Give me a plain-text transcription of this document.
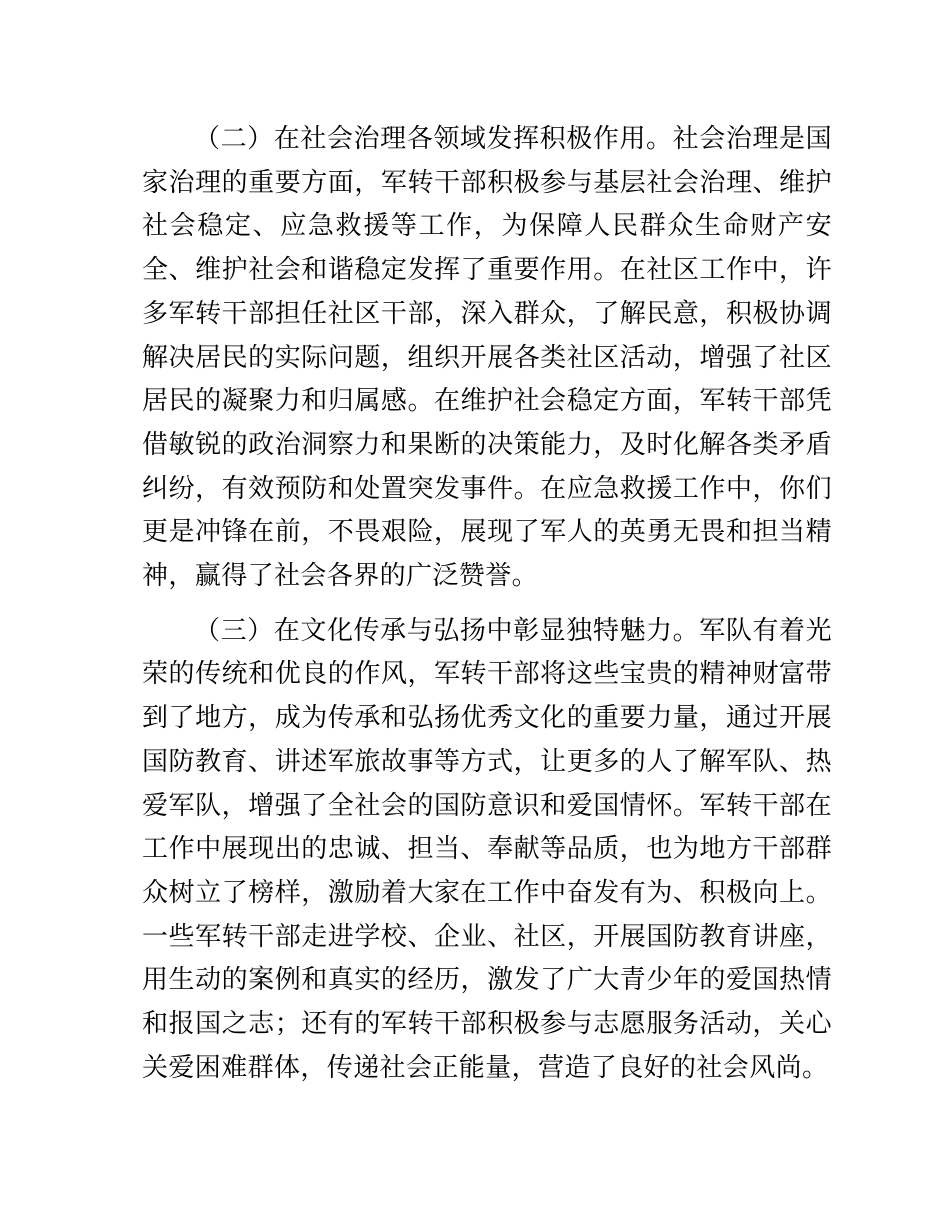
（二）在社会治理各领域发挥积极作用。社会治理是国家治理的重要方面，军转干部积极参与基层社会治理、维护社会稳定、应急救援等工作，为保障人民群众生命财产安全、维护社会和谐稳定发挥了重要作用。在社区工作中，许多军转干部担任社区干部，深入群众，了解民意，积极协调解决居民的实际问题，组织开展各类社区活动，增强了社区居民的凝聚力和归属感。在维护社会稳定方面，军转干部凭借敏锐的政治洞察力和果断的决策能力，及时化解各类矛盾纠纷，有效预防和处置突发事件。在应急救援工作中，你们更是冲锋在前，不畏艰险，展现了军人的英勇无畏和担当精神，赢得了社会各界的广泛赞誉。

（三）在文化传承与弘扬中彰显独特魅力。军队有着光荣的传统和优良的作风，军转干部将这些宝贵的精神财富带到了地方，成为传承和弘扬优秀文化的重要力量，通过开展国防教育、讲述军旅故事等方式，让更多的人了解军队、热爱军队，增强了全社会的国防意识和爱国情怀。军转干部在工作中展现出的忠诚、担当、奉献等品质，也为地方干部群众树立了榜样，激励着大家在工作中奋发有为、积极向上。一些军转干部走进学校、企业、社区，开展国防教育讲座，用生动的案例和真实的经历，激发了广大青少年的爱国热情和报国之志；还有的军转干部积极参与志愿服务活动，关心关爱困难群体，传递社会正能量，营造了良好的社会风尚。
